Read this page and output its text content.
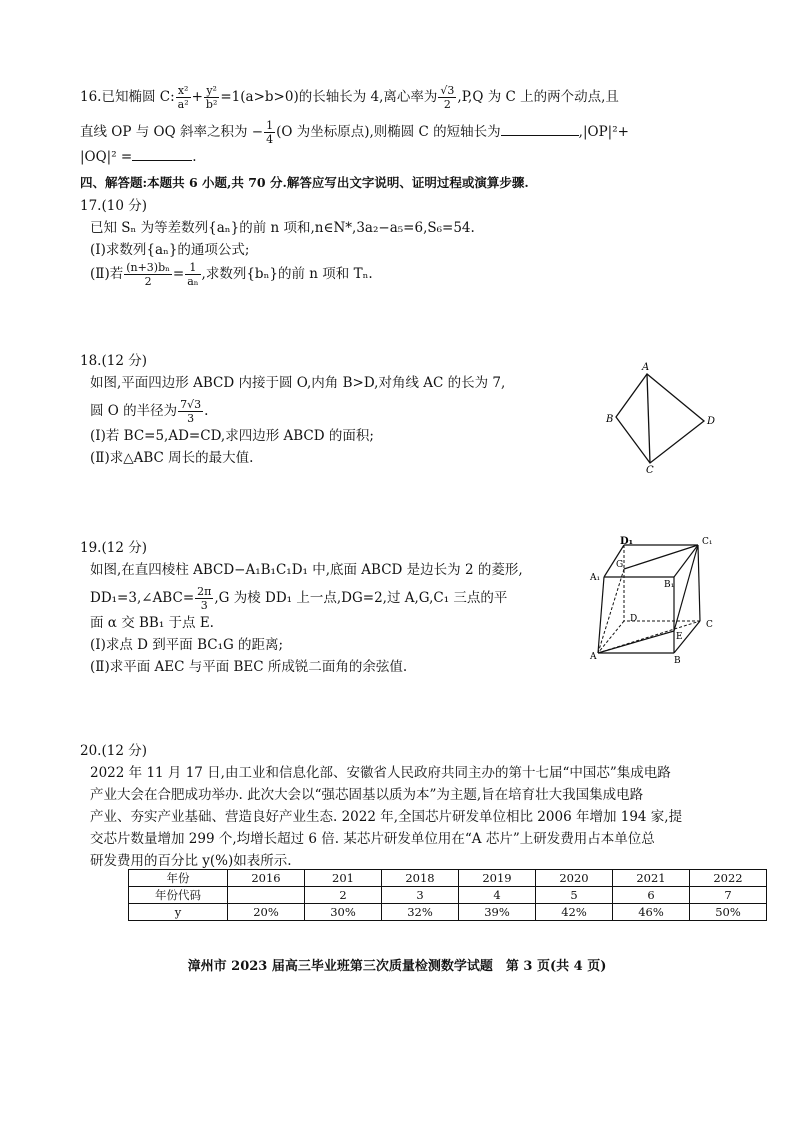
16.已知椭圆 C: $\frac{\text{x²}}{\text{a²}} + \frac{\text{y²}}{\text{b²}} =1(a>b>0)$的长轴长为 4,离心率为 $\frac{√3}{2} ,P,Q$ 为 C 上的两个动点,且
直线 OP 与 OQ 斜率之积为 − $\frac{1}{4} (O$ 为坐标原点),则椭圆 C 的短轴长为	,|OP|²+
|OQ|² =	.
四、解答题:本题共 6 小题,共 70 分.解答应写出文字说明、证明过程或演算步骤.
17.(10 分)
已知 Sₙ 为等差数列{aₙ}的前 n 项和,n∈N*,3a₂−a₅=6,S₆=54.
(Ⅰ)求数列{aₙ}的通项公式;
(Ⅱ)若 $\frac{\text{(n+3)bₙ}}{2} = \frac{1}{\text{aₙ}}$ ,求数列{bₙ}的前 n 项和 Tₙ.
18.(12 分)
如图,平面四边形 ABCD 内接于圆 O,内角 B>D,对角线 AC 的长为 7,
圆 O 的半径为 $\frac{7√3}{3}$ .
(Ⅰ)若 BC=5,AD=CD,求四边形 ABCD 的面积;
(Ⅱ)求△ABC 周长的最大值.
A
B
C
D
19.(12 分)
如图,在直四棱柱 ABCD−A₁B₁C₁D₁ 中,底面 ABCD 是边长为 2 的菱形,
DD₁=3,∠ABC= $\frac{2\pi}{3} ,G$ 为棱 DD₁ 上一点,DG=2,过 A,G,C₁ 三点的平
面 α 交 BB₁ 于点 E.
(Ⅰ)求点 D 到平面 BC₁G 的距离;
(Ⅱ)求平面 AEC 与平面 BEC 所成锐二面角的余弦值.
D₁	C₁
A₁
G
B₁
D
C
E
A	B
20.(12 分)
2022 年 11 月 17 日,由工业和信息化部、安徽省人民政府共同主办的第十七届“中国芯”集成电路
产业大会在合肥成功举办. 此次大会以“强芯固基以质为本”为主题,旨在培育壮大我国集成电路
产业、夯实产业基础、营造良好产业生态. 2022 年,全国芯片研发单位相比 2006 年增加 194 家,提
交芯片数量增加 299 个,均增长超过 6 倍. 某芯片研发单位用在“A 芯片”上研发费用占本单位总
研发费用的百分比 y(%)如表所示.
年份	2016	201	2018	2019	2020	2021	2022
年份代码		2	3	4	5	6	7
y	20%	30%	32%	39%	42%	46%	50%
漳州市 2023 届高三毕业班第三次质量检测数学试题　第 3 页(共 4 页)
